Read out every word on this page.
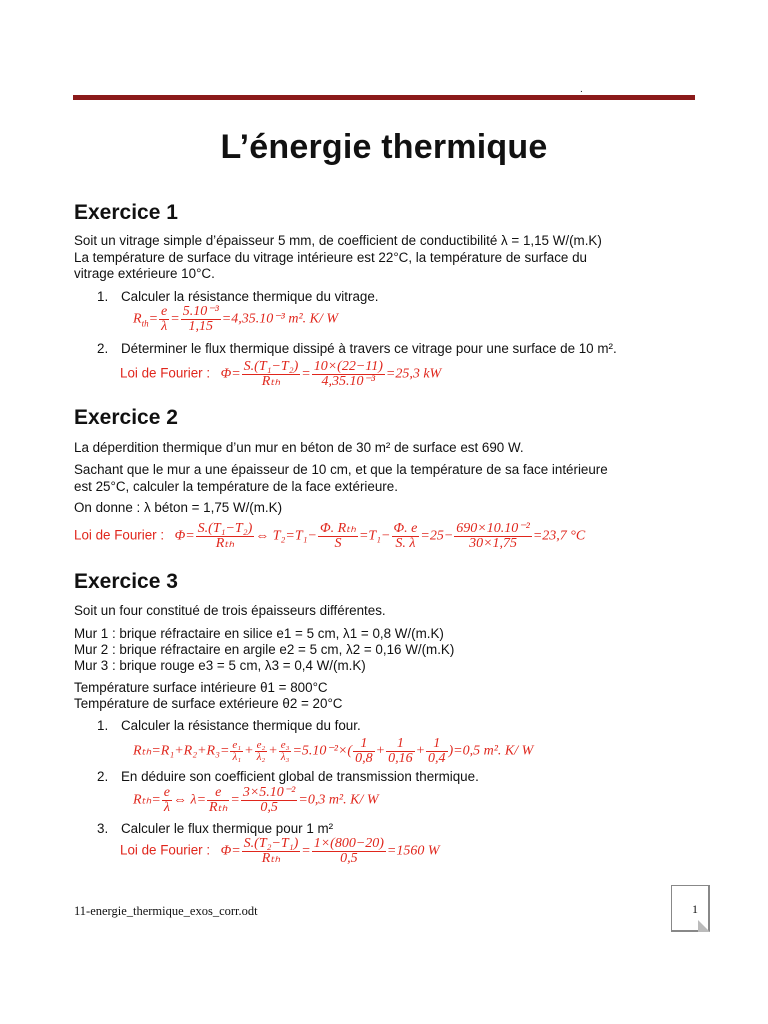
.
L’énergie thermique
Exercice 1
Soit un vitrage simple d’épaisseur 5 mm, de coefficient de conductibilité λ = 1,15 W/(m.K)
La température de surface du vitrage intérieure est 22°C, la température de surface du
vitrage extérieure 10°C.
1. Calculer la résistance thermique du vitrage.
$R_{th}= \frac{e}{\lambda} = \frac{\text{5.10⁻³}}{1,15} =4,35.10^{-3}$ m². K/ W
2. Déterminer le flux thermique dissipé à travers ce vitrage pour une surface de 10 m².
Loi de Fourier : $\Phi= \frac{\text{S.(T₁−T₂)}}{\text{Rₜₕ}} = \frac{10\times(22-11)}{\text{4,35.10⁻³}} =25,3$ kW
Exercice 2
La déperdition thermique d’un mur en béton de 30 m² de surface est 690 W.
Sachant que le mur a une épaisseur de 10 cm, et que la température de sa face intérieure
est 25°C, calculer la température de la face extérieure.
On donne : λ béton = 1,75 W/(m.K)
Loi de Fourier : $\Phi= \frac{\text{S.(T₁−T₂)}}{\text{Rₜₕ}}$ ⇔ $T_2=T_1- \frac{\text{Φ. Rₜₕ}}{S} =T_1- \frac{\Phi. e}{S. \lambda} =25- \frac{\text{690×10.10⁻²}}{30\times 1,75} =23,7$ °C
Exercice 3
Soit un four constitué de trois épaisseurs différentes.
Mur 1 : brique réfractaire en silice e1 = 5 cm, λ1 = 0,8 W/(m.K)
Mur 2 : brique réfractaire en argile e2 = 5 cm, λ2 = 0,16 W/(m.K)
Mur 3 : brique rouge e3 = 5 cm, λ3 = 0,4 W/(m.K)
Température surface intérieure θ1 = 800°C
Température de surface extérieure θ2 = 20°C
1. Calculer la résistance thermique du four.
$R_{th}=R_1+R_2+R_3= \frac{\text{e₁}}{\text{λ₁}} + \frac{\text{e₂}}{\text{λ₂}} + \frac{\text{e₃}}{\text{λ₃}} =5.10^{-2}\times( \frac{1}{0,8} + \frac{1}{0,16} + \frac{1}{0,4} )=0,5$ m². K/ W
2. En déduire son coefficient global de transmission thermique.
$R_{th}= \frac{e}{\lambda}$ ⇔ $\lambda= \frac{e}{\text{Rₜₕ}} = \frac{\text{3×5.10⁻²}}{0,5} =0,3$ m². K/ W
3. Calculer le flux thermique pour 1 m²
Loi de Fourier : $\Phi= \frac{\text{S.(T₂−T₁)}}{\text{Rₜₕ}} = \frac{1\times(800-20)}{0,5} =1560$ W
11-energie_thermique_exos_corr.odt	1
